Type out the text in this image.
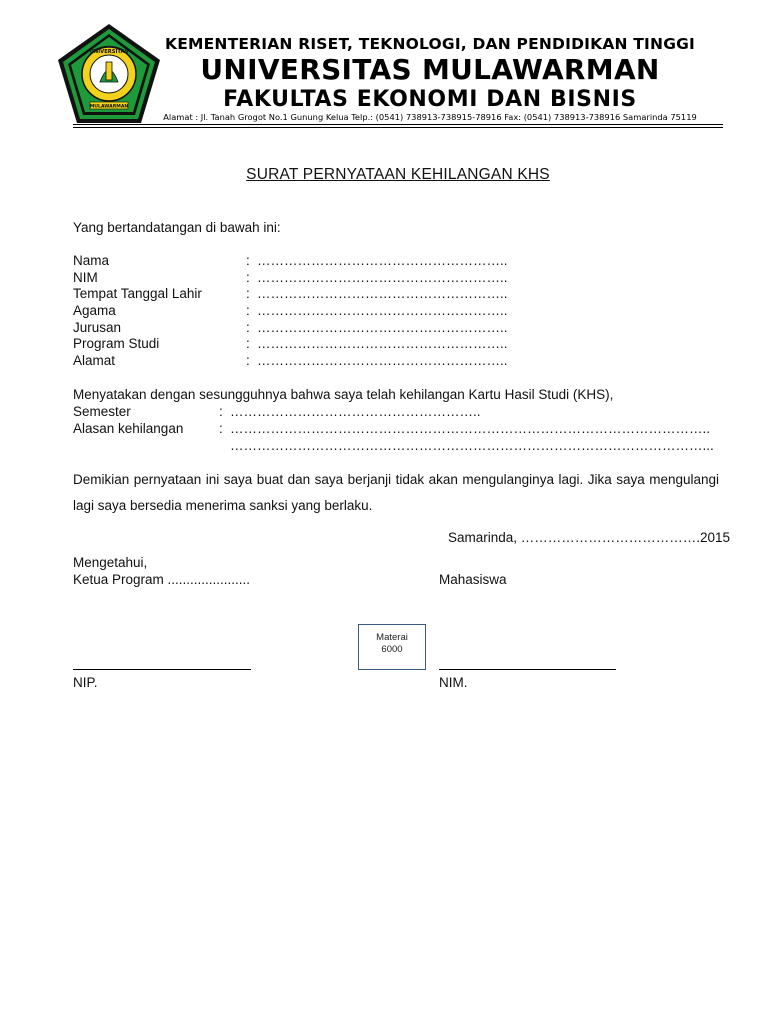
UNIVERSITAS
MULAWARMAN
KEMENTERIAN RISET, TEKNOLOGI, DAN PENDIDIKAN TINGGI
UNIVERSITAS MULAWARMAN
FAKULTAS EKONOMI DAN BISNIS
Alamat : Jl. Tanah Grogot No.1 Gunung Kelua Telp.: (0541) 738913-738915-78916 Fax: (0541) 738913-738916 Samarinda 75119
SURAT PERNYATAAN KEHILANGAN KHS
Yang bertandatangan di bawah ini:
Nama	: ………………………………………………..
NIM	: ………………………………………………..
Tempat Tanggal Lahir	: ………………………………………………..
Agama	: ………………………………………………..
Jurusan	: ………………………………………………..
Program Studi	: ………………………………………………..
Alamat	: ………………………………………………..
Menyatakan dengan sesungguhnya bahwa saya telah kehilangan Kartu Hasil Studi (KHS),
Semester	: ………………………………………………..
Alasan kehilangan	: ……………………………………………………………………………………………..
……………………………………………………………………………………………...
Demikian pernyataan ini saya buat dan saya berjanji tidak akan mengulanginya lagi. Jika saya mengulangi lagi saya bersedia menerima sanksi yang berlaku.
Samarinda, ………………………………….2015
Mengetahui,
Ketua Program ......................	Mahasiswa
Materai
6000
NIP.	NIM.
